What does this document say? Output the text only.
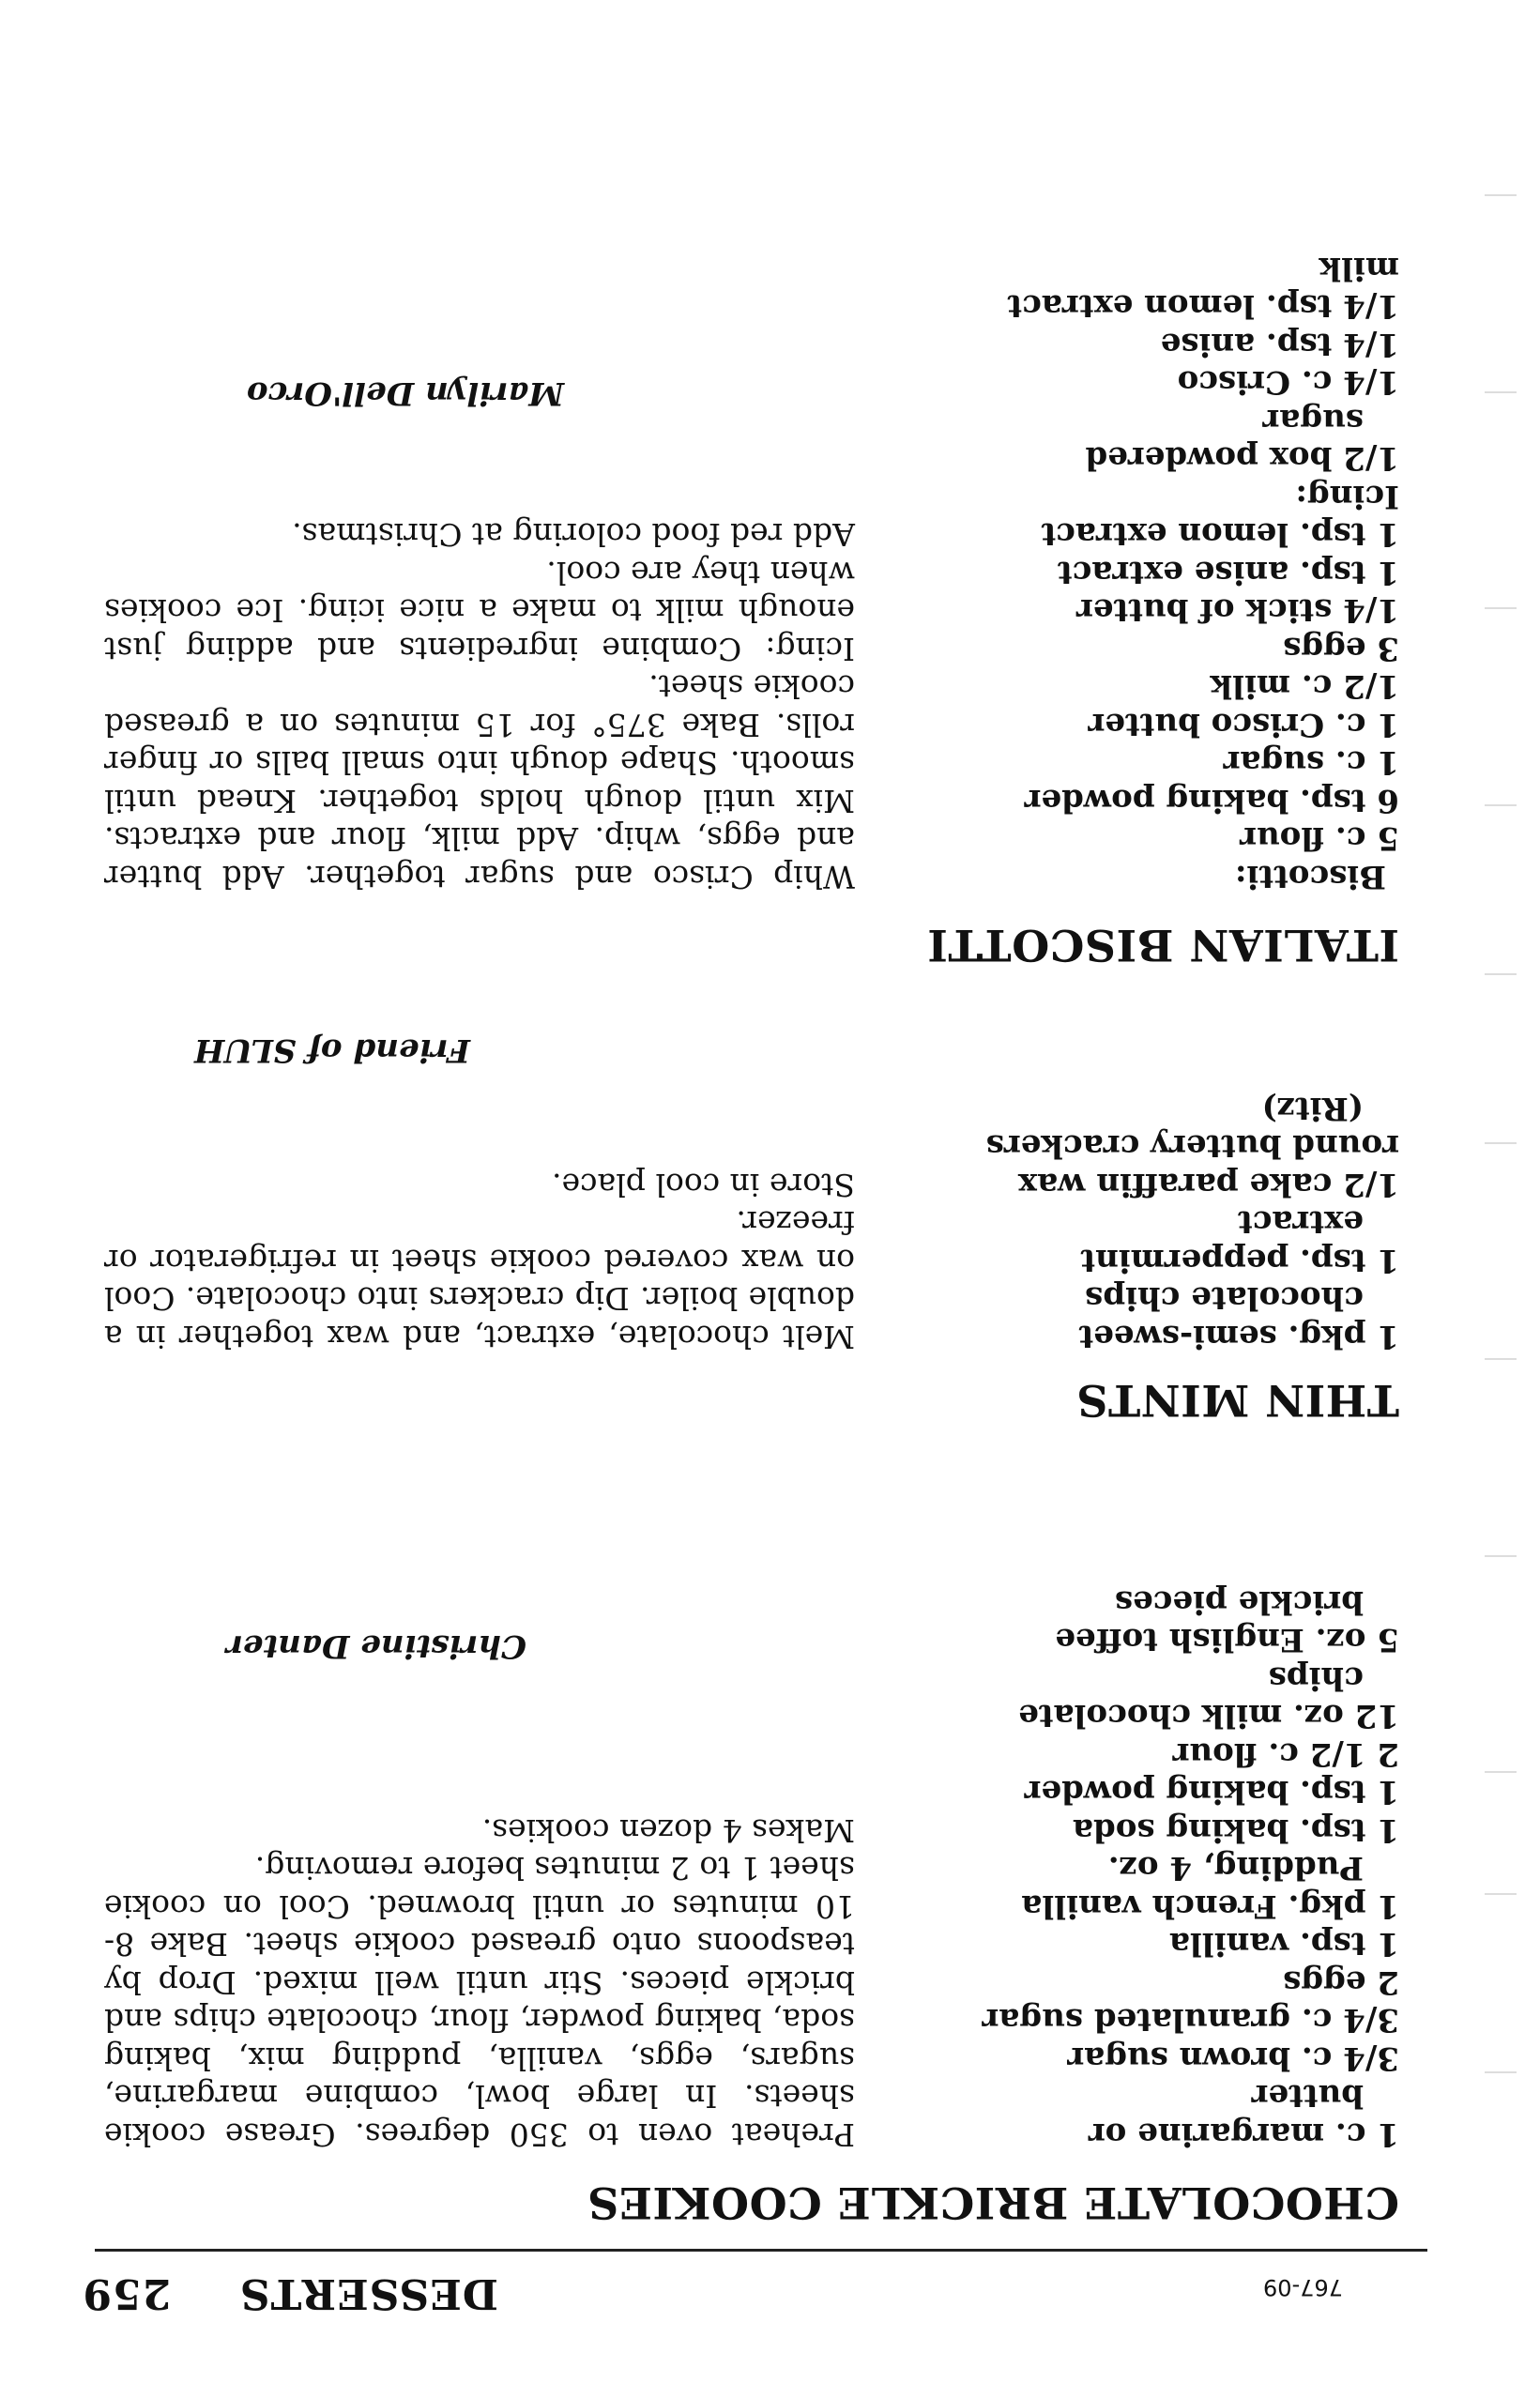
767-09
DESSERTS  259
CHOCOLATE BRICKLE COOKIES

1 c. margarine or

butter

3/4 c. brown sugar

3/4 c. granulated sugar

2 eggs

1 tsp. vanilla

1 pkg. French vanilla

Pudding, 4 oz.

1 tsp. baking soda

1 tsp. baking powder

2 1/2 c. flour

12 oz. milk chocolate

chips

5 oz. English toffee

brickle pieces

Preheat oven to 350 degrees. Grease cookie sheets. In large bowl, combine margarine, sugars, eggs, vanilla, pudding mix, baking soda, baking powder, flour, chocolate chips and brickle pieces. Stir until well mixed. Drop by teaspoons onto greased cookie sheet. Bake 8-10 minutes or until browned. Cool on cookie sheet 1 to 2 minutes before removing.

Makes 4 dozen cookies.

Christine Danter
THIN MINTS

1 pkg. semi-sweet

chocolate chips

1 tsp. peppermint

extract

1/2 cake paraffin wax

round buttery crackers

(Ritz)

Melt chocolate, extract, and wax together in a double boiler. Dip crackers into chocolate. Cool on wax covered cookie sheet in refrigerator or freezer.

Store in cool place.

Friend of SLUH
ITALIAN BISCOTTI

Biscotti:

5 c. flour

6 tsp. baking powder

1 c. sugar

1 c. Crisco butter

1/2 c. milk

3 eggs

1/4 stick of butter

1 tsp. anise extract

1 tsp. lemon extract

Icing:

1/2 box powdered

sugar

1/4 c. Crisco

1/4 tsp. anise

1/4 tsp. lemon extract

milk

Whip Crisco and sugar together. Add butter and eggs, whip. Add milk, flour and extracts. Mix until dough holds together. Knead until smooth. Shape dough into small balls or finger rolls. Bake 375° for 15 minutes on a greased cookie sheet.

Icing: Combine ingredients and adding just enough milk to make a nice icing. Ice cookies when they are cool.

Add red food coloring at Christmas.

Marilyn Dell'Orco
